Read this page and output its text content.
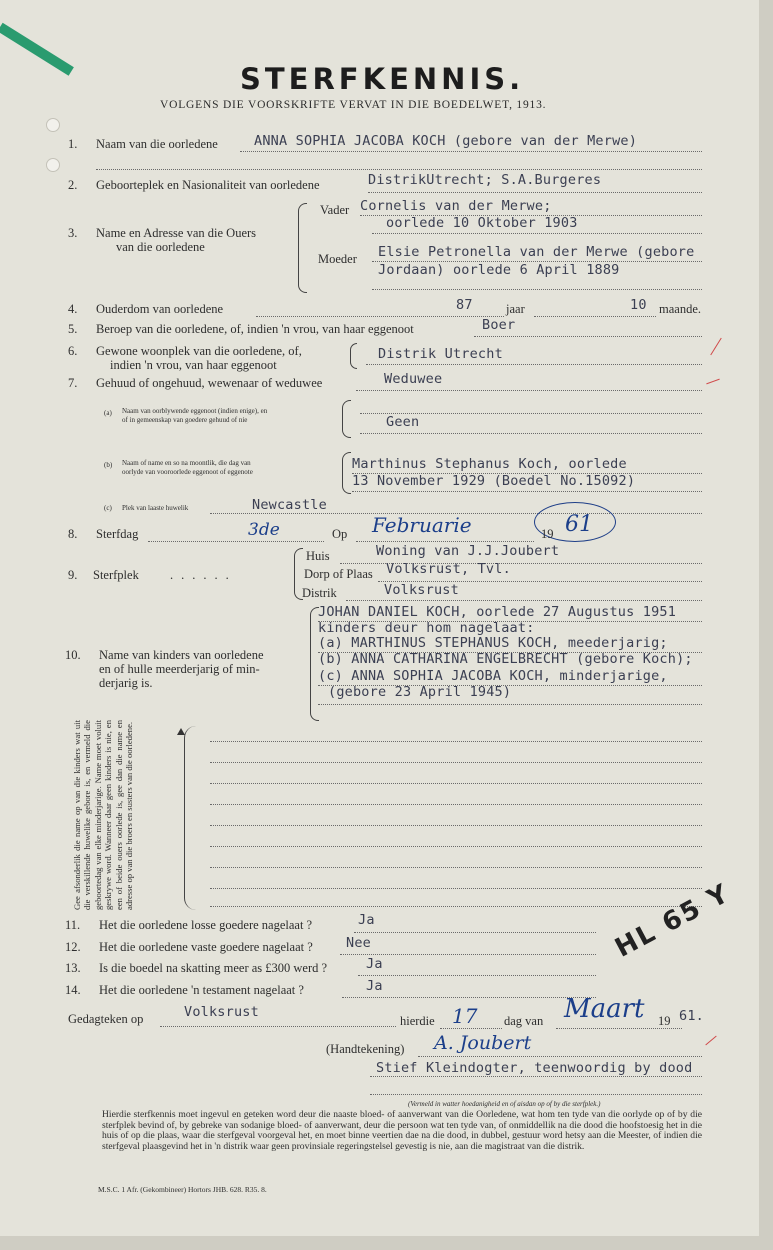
STERFKENNIS.
VOLGENS DIE VOORSKRIFTE VERVAT IN DIE BOEDELWET, 1913.
1. Naam van die oorledene	ANNA SOPHIA JACOBA KOCH (gebore van der Merwe)
2. Geboorteplek en Nasionaliteit van oorledene	DistrikUtrecht; S.A.Burgeres
3. Name en Adresse van die Ouers
van die oorledene
Vader Cornelis van der Merwe;
oorlede 10 Oktober 1903
Moeder Elsie Petronella van der Merwe (gebore
Jordaan) oorlede 6 April 1889
4. Ouderdom van oorledene	87	jaar	10 maande.
5. Beroep van die oorledene, of, indien 'n vrou, van haar eggenoot	Boer
6. Gewone woonplek van die oorledene, of,
indien 'n vrou, van haar eggenoot
Distrik Utrecht
7. Gehuud of ongehuud, wewenaar of weduwee	Weduwee
(a) Naam van oorblywende eggenoot (indien enige), en
of in gemeenskap van goedere gehuud of nie	Geen
(b) Naam of name en so na moontlik, die dag van
oorlyde van vooroorlede eggenoot of eggenote	Marthinus Stephanus Koch, oorlede
13 November 1929 (Boedel No.15092)
(c) Plek van laaste huwelik	Newcastle
8. Sterfdag	3de	Op Februarie	19 61
9. Sterfplek ......
Huis	Woning van J.J.Joubert
Dorp of Plaas Volksrust, Tvl.
Distrik	Volksrust
10. Name van kinders van oorledene
en of hulle meerderjarig of min-
derjarig is.
JOHAN DANIEL KOCH, oorlede 27 Augustus 1951
kinders deur hom nagelaat:
(a) MARTHINUS STEPHANUS KOCH, meederjarig;
(b) ANNA CATHARINA ENGELBRECHT (gebore Koch);
(c) ANNA SOPHIA JACOBA KOCH, minderjarige,
(gebore 23 April 1945)
Gee afsonderlik die name op van die kinders wat uit die verskillende huwelike gebore is, en vermeld die geboortedag van elke minderjarige. Name moet voluit geskrywe word. Wanneer daar geen kinders is nie, en een of beide ouers oorlede is, gee dan die name en adresse op van die broers en susters van die oorledene.
11. Het die oorledene losse goedere nagelaat ?	Ja
12. Het die oorledene vaste goedere nagelaat ? Nee
13. Is die boedel na skatting meer as £300 werd ?	Ja
14. Het die oorledene 'n testament nagelaat ?	Ja
HL 65 Y
Gedagteken op	Volksrust
hierdie 17 dag van Maart 19 61.
(Handtekening) A. Joubert
Stief Kleindogter, teenwoordig by dood
(Vermeld in watter hoedanigheid en of aisdan op of by die sterfplek.)
Hierdie sterfkennis moet ingevul en geteken word deur die naaste bloed- of aanverwant van die Oorledene, wat hom ten tyde van die oorlyde op of by die sterfplek bevind of, by gebreke van sodanige bloed- of aanverwant, deur die persoon wat ten tyde van, of onmiddellik na die dood die hoofstoesig het in die huis of op die plaas, waar die sterfgeval voorgeval het, en moet binne veertien dae na die dood, in dubbel, gestuur word hetsy aan die Meester, of indien die sterfgeval plaasgevind het in 'n distrik waar geen provinsiale regeringstelsel gevestig is nie, aan die magistraat van die distrik.
M.S.C. 1 Afr. (Gekombineer) Hortors JHB. 628. R35. 8.
